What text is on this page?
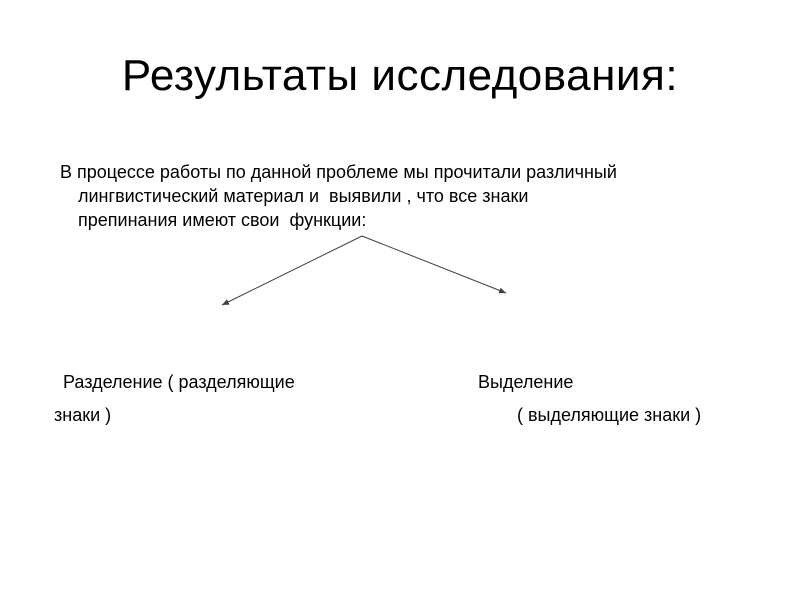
Результаты исследования:
В процессе работы по данной проблеме мы прочитали различный
лингвистический материал и  выявили , что все знаки
препинания имеют свои  функции:
Разделение ( разделяющие
знаки )
Выделение
( выделяющие знаки )
